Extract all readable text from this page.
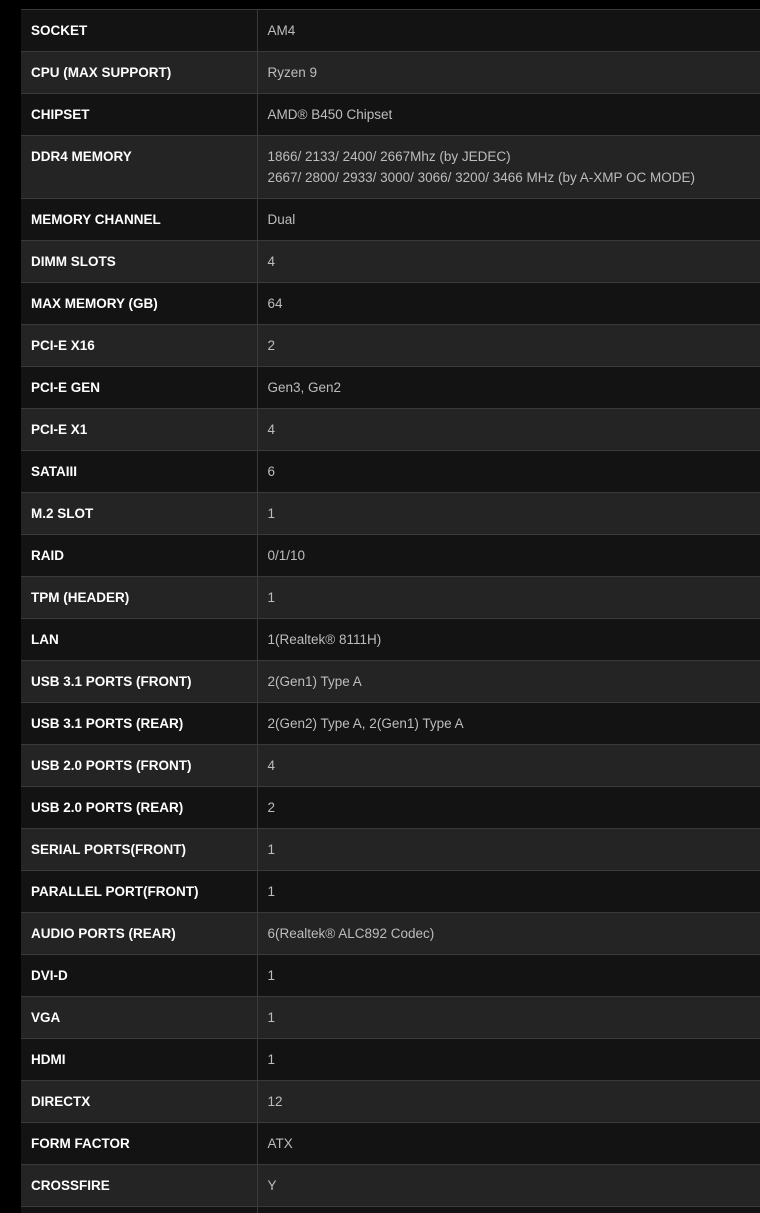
SOCKET	AM4

CPU (MAX SUPPORT)	Ryzen 9

CHIPSET	AMD® B450 Chipset

DDR4 MEMORY	1866/ 2133/ 2400/ 2667Mhz (by JEDEC)
2667/ 2800/ 2933/ 3000/ 3066/ 3200/ 3466 MHz (by A-XMP OC MODE)

MEMORY CHANNEL	Dual

DIMM SLOTS	4

MAX MEMORY (GB)	64

PCI-E X16	2

PCI-E GEN	Gen3, Gen2

PCI-E X1	4

SATAIII	6

M.2 SLOT	1

RAID	0/1/10

TPM (HEADER)	1

LAN	1(Realtek® 8111H)

USB 3.1 PORTS (FRONT)	2(Gen1) Type A

USB 3.1 PORTS (REAR)	2(Gen2) Type A, 2(Gen1) Type A

USB 2.0 PORTS (FRONT)	4

USB 2.0 PORTS (REAR)	2

SERIAL PORTS(FRONT)	1

PARALLEL PORT(FRONT)	1

AUDIO PORTS (REAR)	6(Realtek® ALC892 Codec)

DVI-D	1

VGA	1

HDMI	1

DIRECTX	12

FORM FACTOR	ATX

CROSSFIRE	Y
